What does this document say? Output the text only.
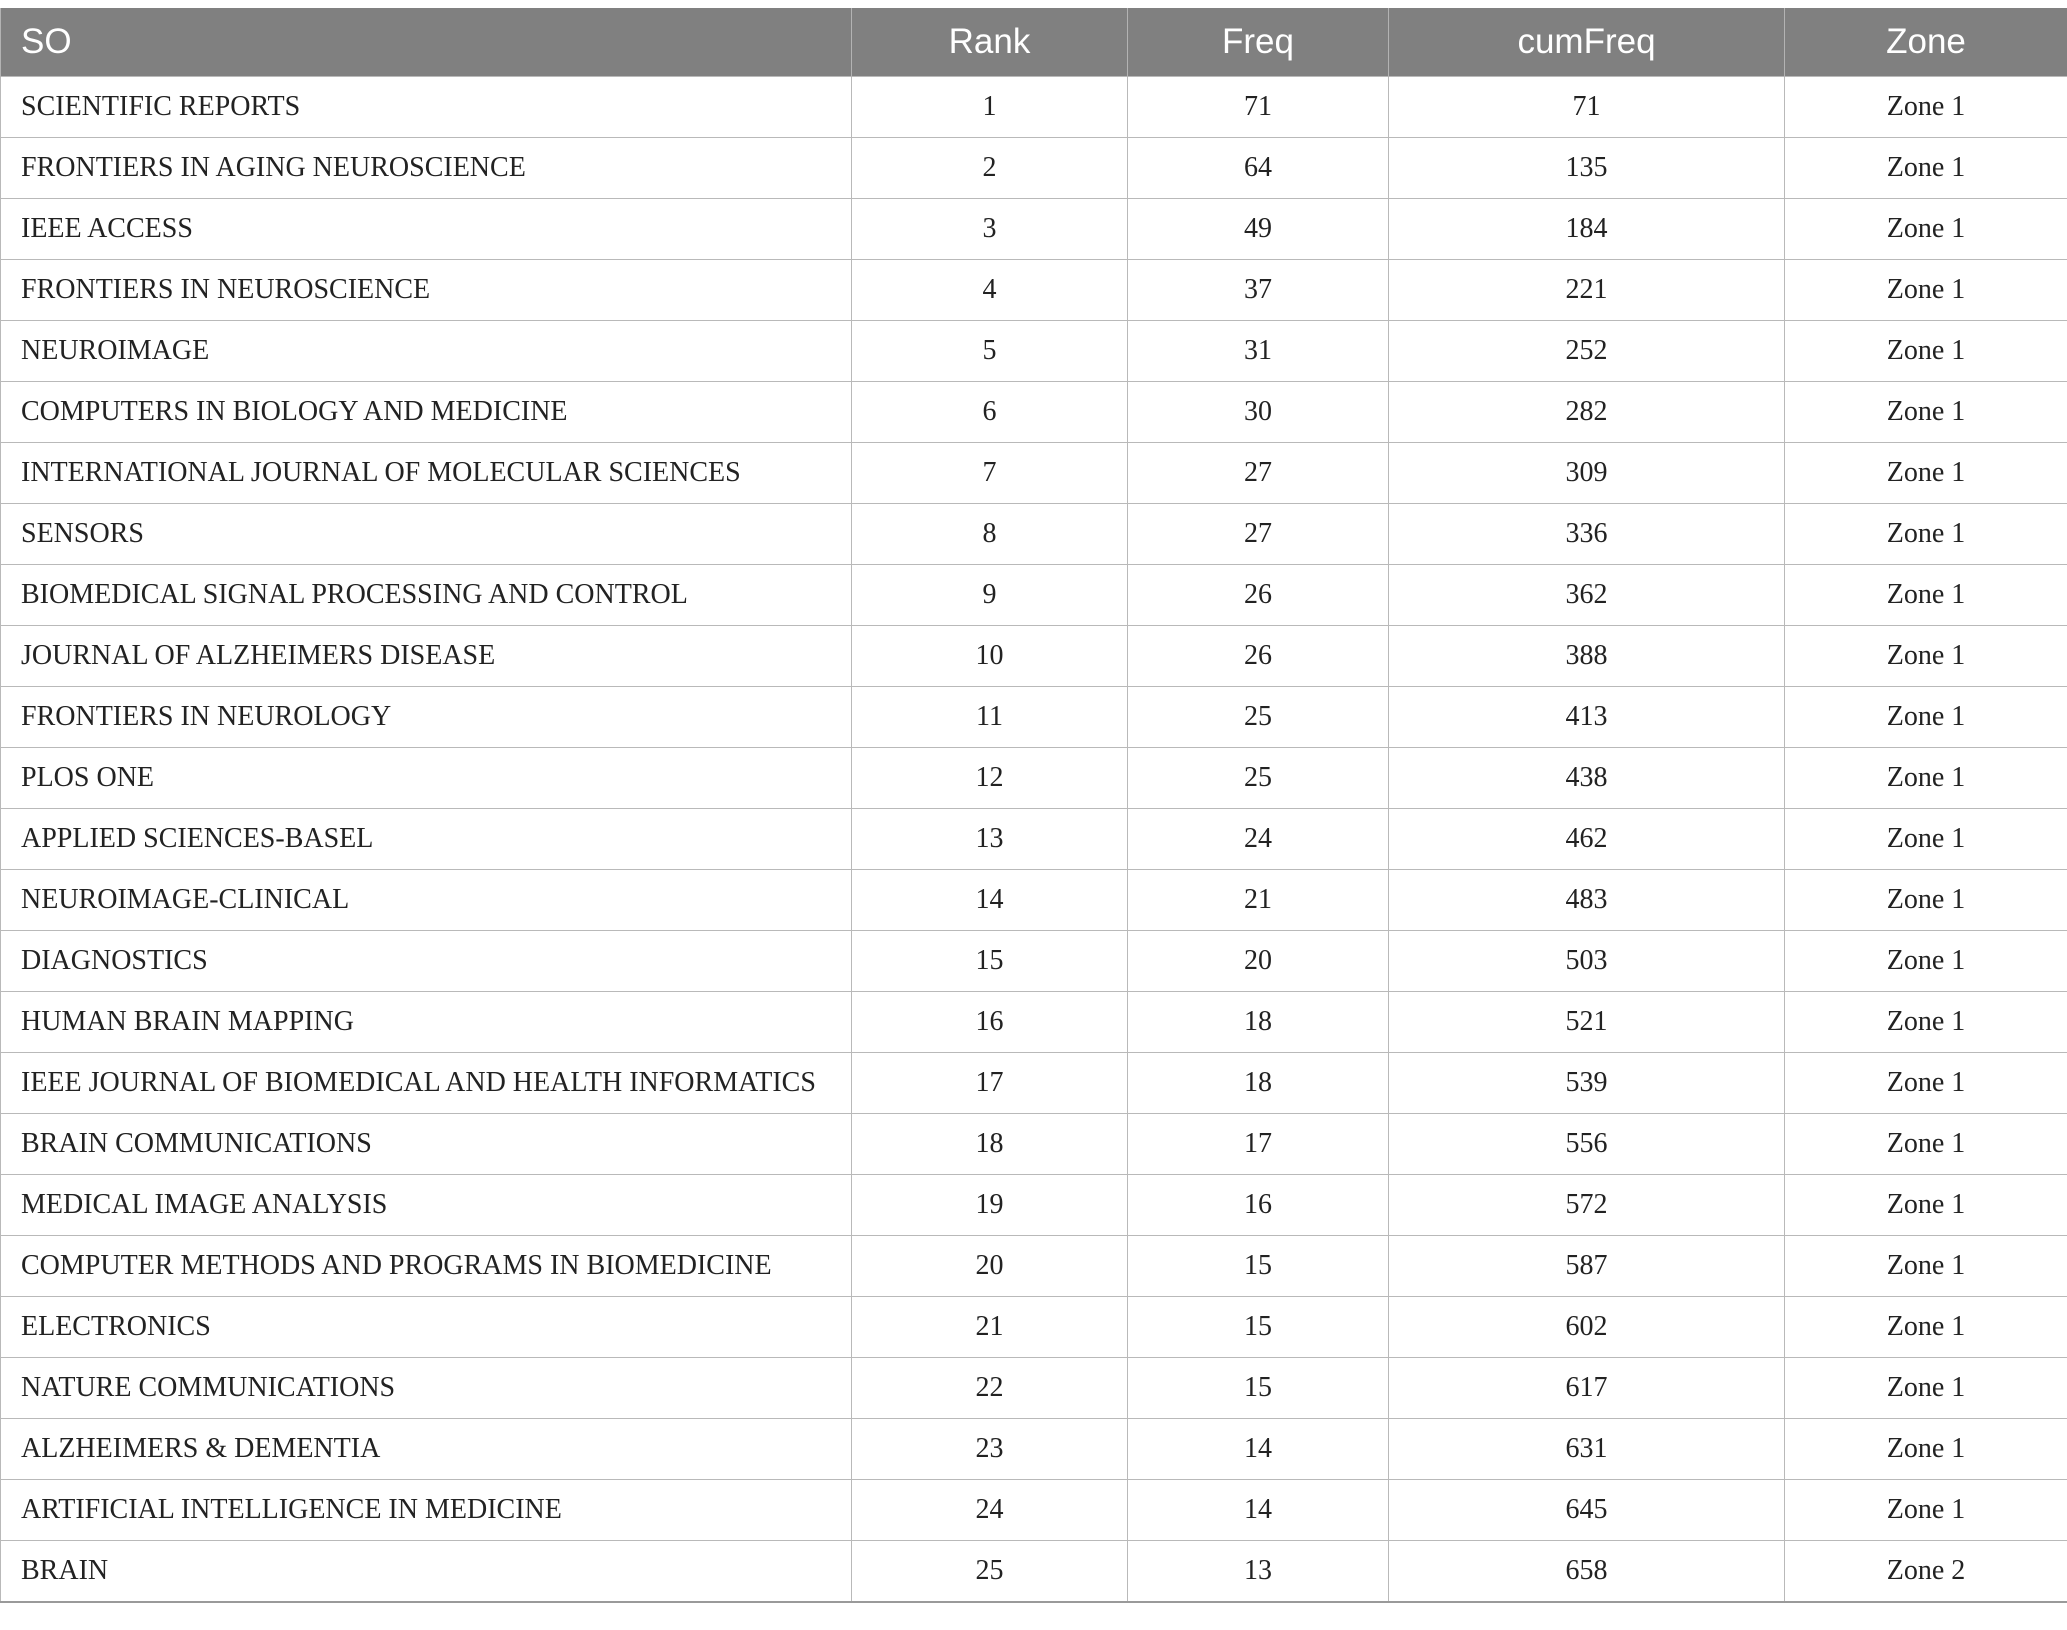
SO	Rank	Freq	cumFreq	Zone
SCIENTIFIC REPORTS	1	71	71	Zone 1
FRONTIERS IN AGING NEUROSCIENCE	2	64	135	Zone 1
IEEE ACCESS	3	49	184	Zone 1
FRONTIERS IN NEUROSCIENCE	4	37	221	Zone 1
NEUROIMAGE	5	31	252	Zone 1
COMPUTERS IN BIOLOGY AND MEDICINE	6	30	282	Zone 1
INTERNATIONAL JOURNAL OF MOLECULAR SCIENCES	7	27	309	Zone 1
SENSORS	8	27	336	Zone 1
BIOMEDICAL SIGNAL PROCESSING AND CONTROL	9	26	362	Zone 1
JOURNAL OF ALZHEIMERS DISEASE	10	26	388	Zone 1
FRONTIERS IN NEUROLOGY	11	25	413	Zone 1
PLOS ONE	12	25	438	Zone 1
APPLIED SCIENCES-BASEL	13	24	462	Zone 1
NEUROIMAGE-CLINICAL	14	21	483	Zone 1
DIAGNOSTICS	15	20	503	Zone 1
HUMAN BRAIN MAPPING	16	18	521	Zone 1
IEEE JOURNAL OF BIOMEDICAL AND HEALTH INFORMATICS	17	18	539	Zone 1
BRAIN COMMUNICATIONS	18	17	556	Zone 1
MEDICAL IMAGE ANALYSIS	19	16	572	Zone 1
COMPUTER METHODS AND PROGRAMS IN BIOMEDICINE	20	15	587	Zone 1
ELECTRONICS	21	15	602	Zone 1
NATURE COMMUNICATIONS	22	15	617	Zone 1
ALZHEIMERS & DEMENTIA	23	14	631	Zone 1
ARTIFICIAL INTELLIGENCE IN MEDICINE	24	14	645	Zone 1
BRAIN	25	13	658	Zone 2
